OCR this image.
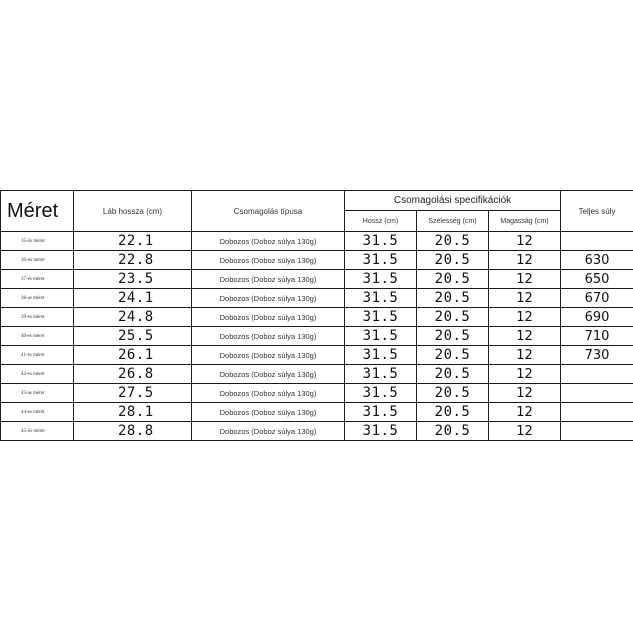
Méret	Láb hossza (cm)	Csomagolás típusa	Csomagolási specifikációk			Teljes súly
			Hossz (cm)	Szélesség (cm)	Magasság (cm)	
35-ös méret	22.1	Dobozos (Doboz súlya 130g)	31.5	20.5	12	
36-os méret	22.8	Dobozos (Doboz súlya 130g)	31.5	20.5	12	630
37-es méret	23.5	Dobozos (Doboz súlya 130g)	31.5	20.5	12	650
38-as méret	24.1	Dobozos (Doboz súlya 130g)	31.5	20.5	12	670
39-es méret	24.8	Dobozos (Doboz súlya 130g)	31.5	20.5	12	690
40-es méret	25.5	Dobozos (Doboz súlya 130g)	31.5	20.5	12	710
41-es méret	26.1	Dobozos (Doboz súlya 130g)	31.5	20.5	12	730
42-es méret	26.8	Dobozos (Doboz súlya 130g)	31.5	20.5	12	
43-as méret	27.5	Dobozos (Doboz súlya 130g)	31.5	20.5	12	
44-es méret	28.1	Dobozos (Doboz súlya 130g)	31.5	20.5	12	
45-ös méret	28.8	Dobozos (Doboz súlya 130g)	31.5	20.5	12	
